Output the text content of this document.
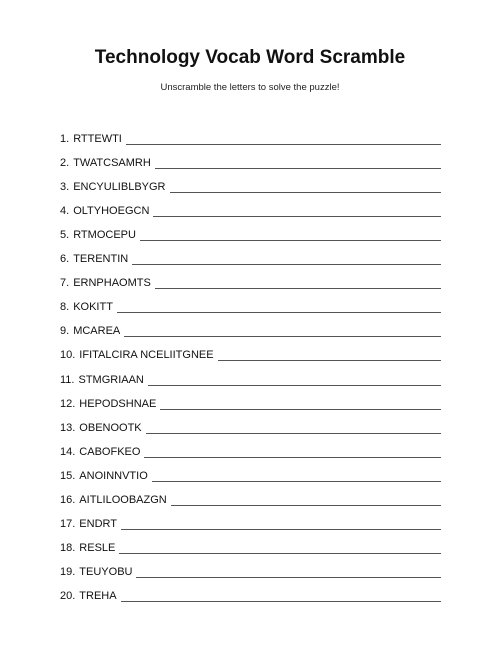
Technology Vocab Word Scramble
Unscramble the letters to solve the puzzle!
1. RTTEWTI
2. TWATCSAMRH
3. ENCYULIBLBYGR
4. OLTYHOEGCN
5. RTMOCEPU
6. TERENTIN
7. ERNPHAOMTS
8. KOKITT
9. MCAREA
10. IFITALCIRA NCELIITGNEE
11. STMGRIAAN
12. HEPODSHNAE
13. OBENOOTK
14. CABOFKEO
15. ANOINNVTIO
16. AITLILOOBAZGN
17. ENDRT
18. RESLE
19. TEUYOBU
20. TREHA
